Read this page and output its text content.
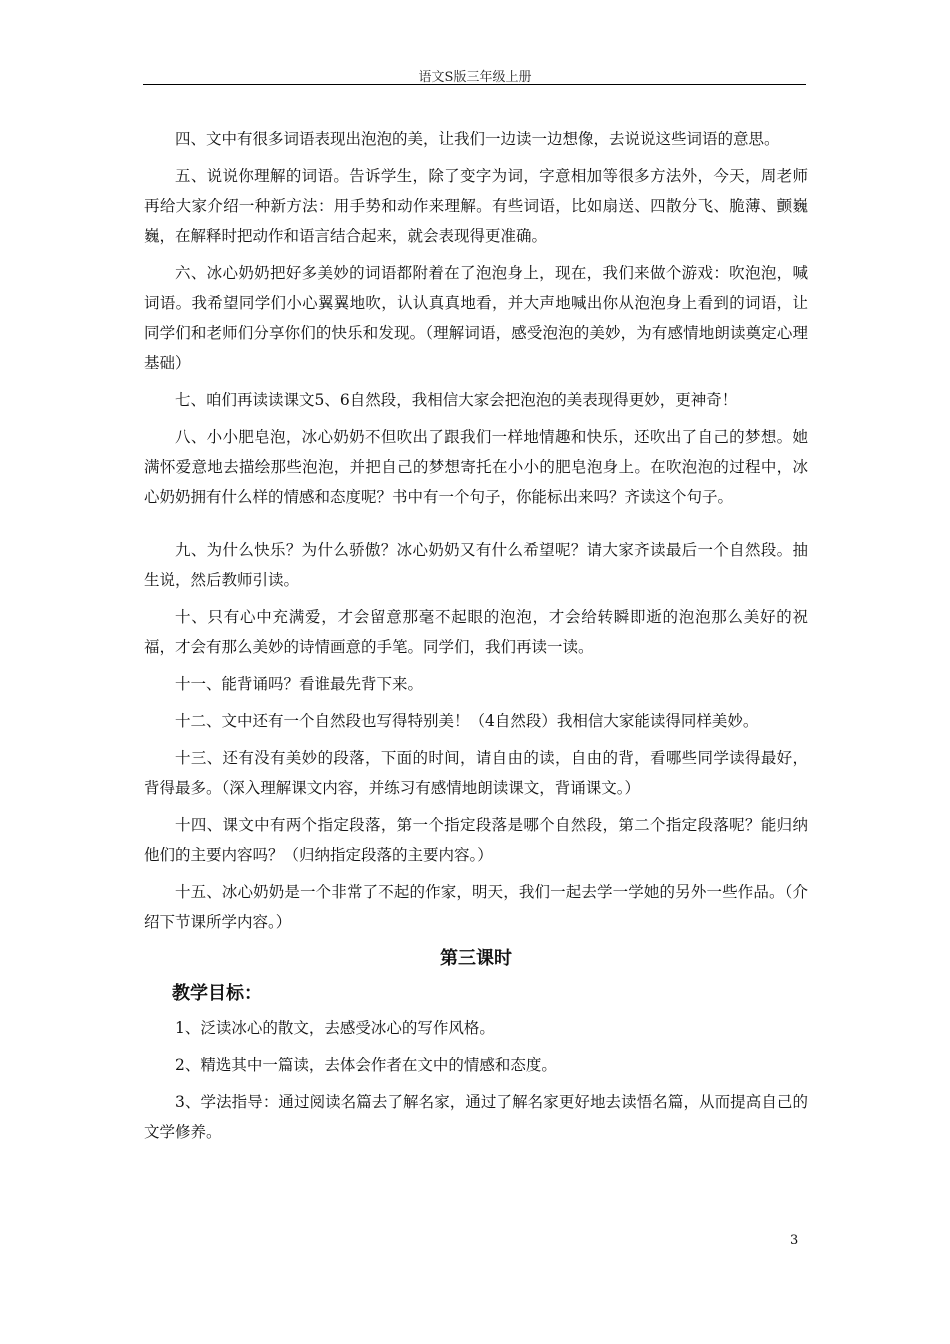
语文S版三年级上册

四、文中有很多词语表现出泡泡的美，让我们一边读一边想像，去说说这些词语的意思。

五、说说你理解的词语。告诉学生，除了变字为词，字意相加等很多方法外，今天，周老师再给大家介绍一种新方法：用手势和动作来理解。有些词语，比如扇送、四散分飞、脆薄、颤巍巍，在解释时把动作和语言结合起来，就会表现得更准确。

六、冰心奶奶把好多美妙的词语都附着在了泡泡身上，现在，我们来做个游戏：吹泡泡，喊词语。我希望同学们小心翼翼地吹，认认真真地看，并大声地喊出你从泡泡身上看到的词语，让同学们和老师们分享你们的快乐和发现。（理解词语，感受泡泡的美妙，为有感情地朗读奠定心理基础）

七、咱们再读读课文5、6自然段，我相信大家会把泡泡的美表现得更妙，更神奇！

八、小小肥皂泡，冰心奶奶不但吹出了跟我们一样地情趣和快乐，还吹出了自己的梦想。她满怀爱意地去描绘那些泡泡，并把自己的梦想寄托在小小的肥皂泡身上。在吹泡泡的过程中，冰心奶奶拥有什么样的情感和态度呢？书中有一个句子，你能标出来吗？齐读这个句子。

九、为什么快乐？为什么骄傲？冰心奶奶又有什么希望呢？请大家齐读最后一个自然段。抽生说，然后教师引读。

十、只有心中充满爱，才会留意那毫不起眼的泡泡，才会给转瞬即逝的泡泡那么美好的祝福，才会有那么美妙的诗情画意的手笔。同学们，我们再读一读。

十一、能背诵吗？看谁最先背下来。

十二、文中还有一个自然段也写得特别美！（4自然段）我相信大家能读得同样美妙。

十三、还有没有美妙的段落，下面的时间，请自由的读，自由的背，看哪些同学读得最好，背得最多。（深入理解课文内容，并练习有感情地朗读课文，背诵课文。）

十四、课文中有两个指定段落，第一个指定段落是哪个自然段，第二个指定段落呢？能归纳他们的主要内容吗？（归纳指定段落的主要内容。）

十五、冰心奶奶是一个非常了不起的作家，明天，我们一起去学一学她的另外一些作品。（介绍下节课所学内容。）

第三课时
教学目标：

1、泛读冰心的散文，去感受冰心的写作风格。

2、精选其中一篇读，去体会作者在文中的情感和态度。

3、学法指导：通过阅读名篇去了解名家，通过了解名家更好地去读悟名篇，从而提高自己的文学修养。

3
